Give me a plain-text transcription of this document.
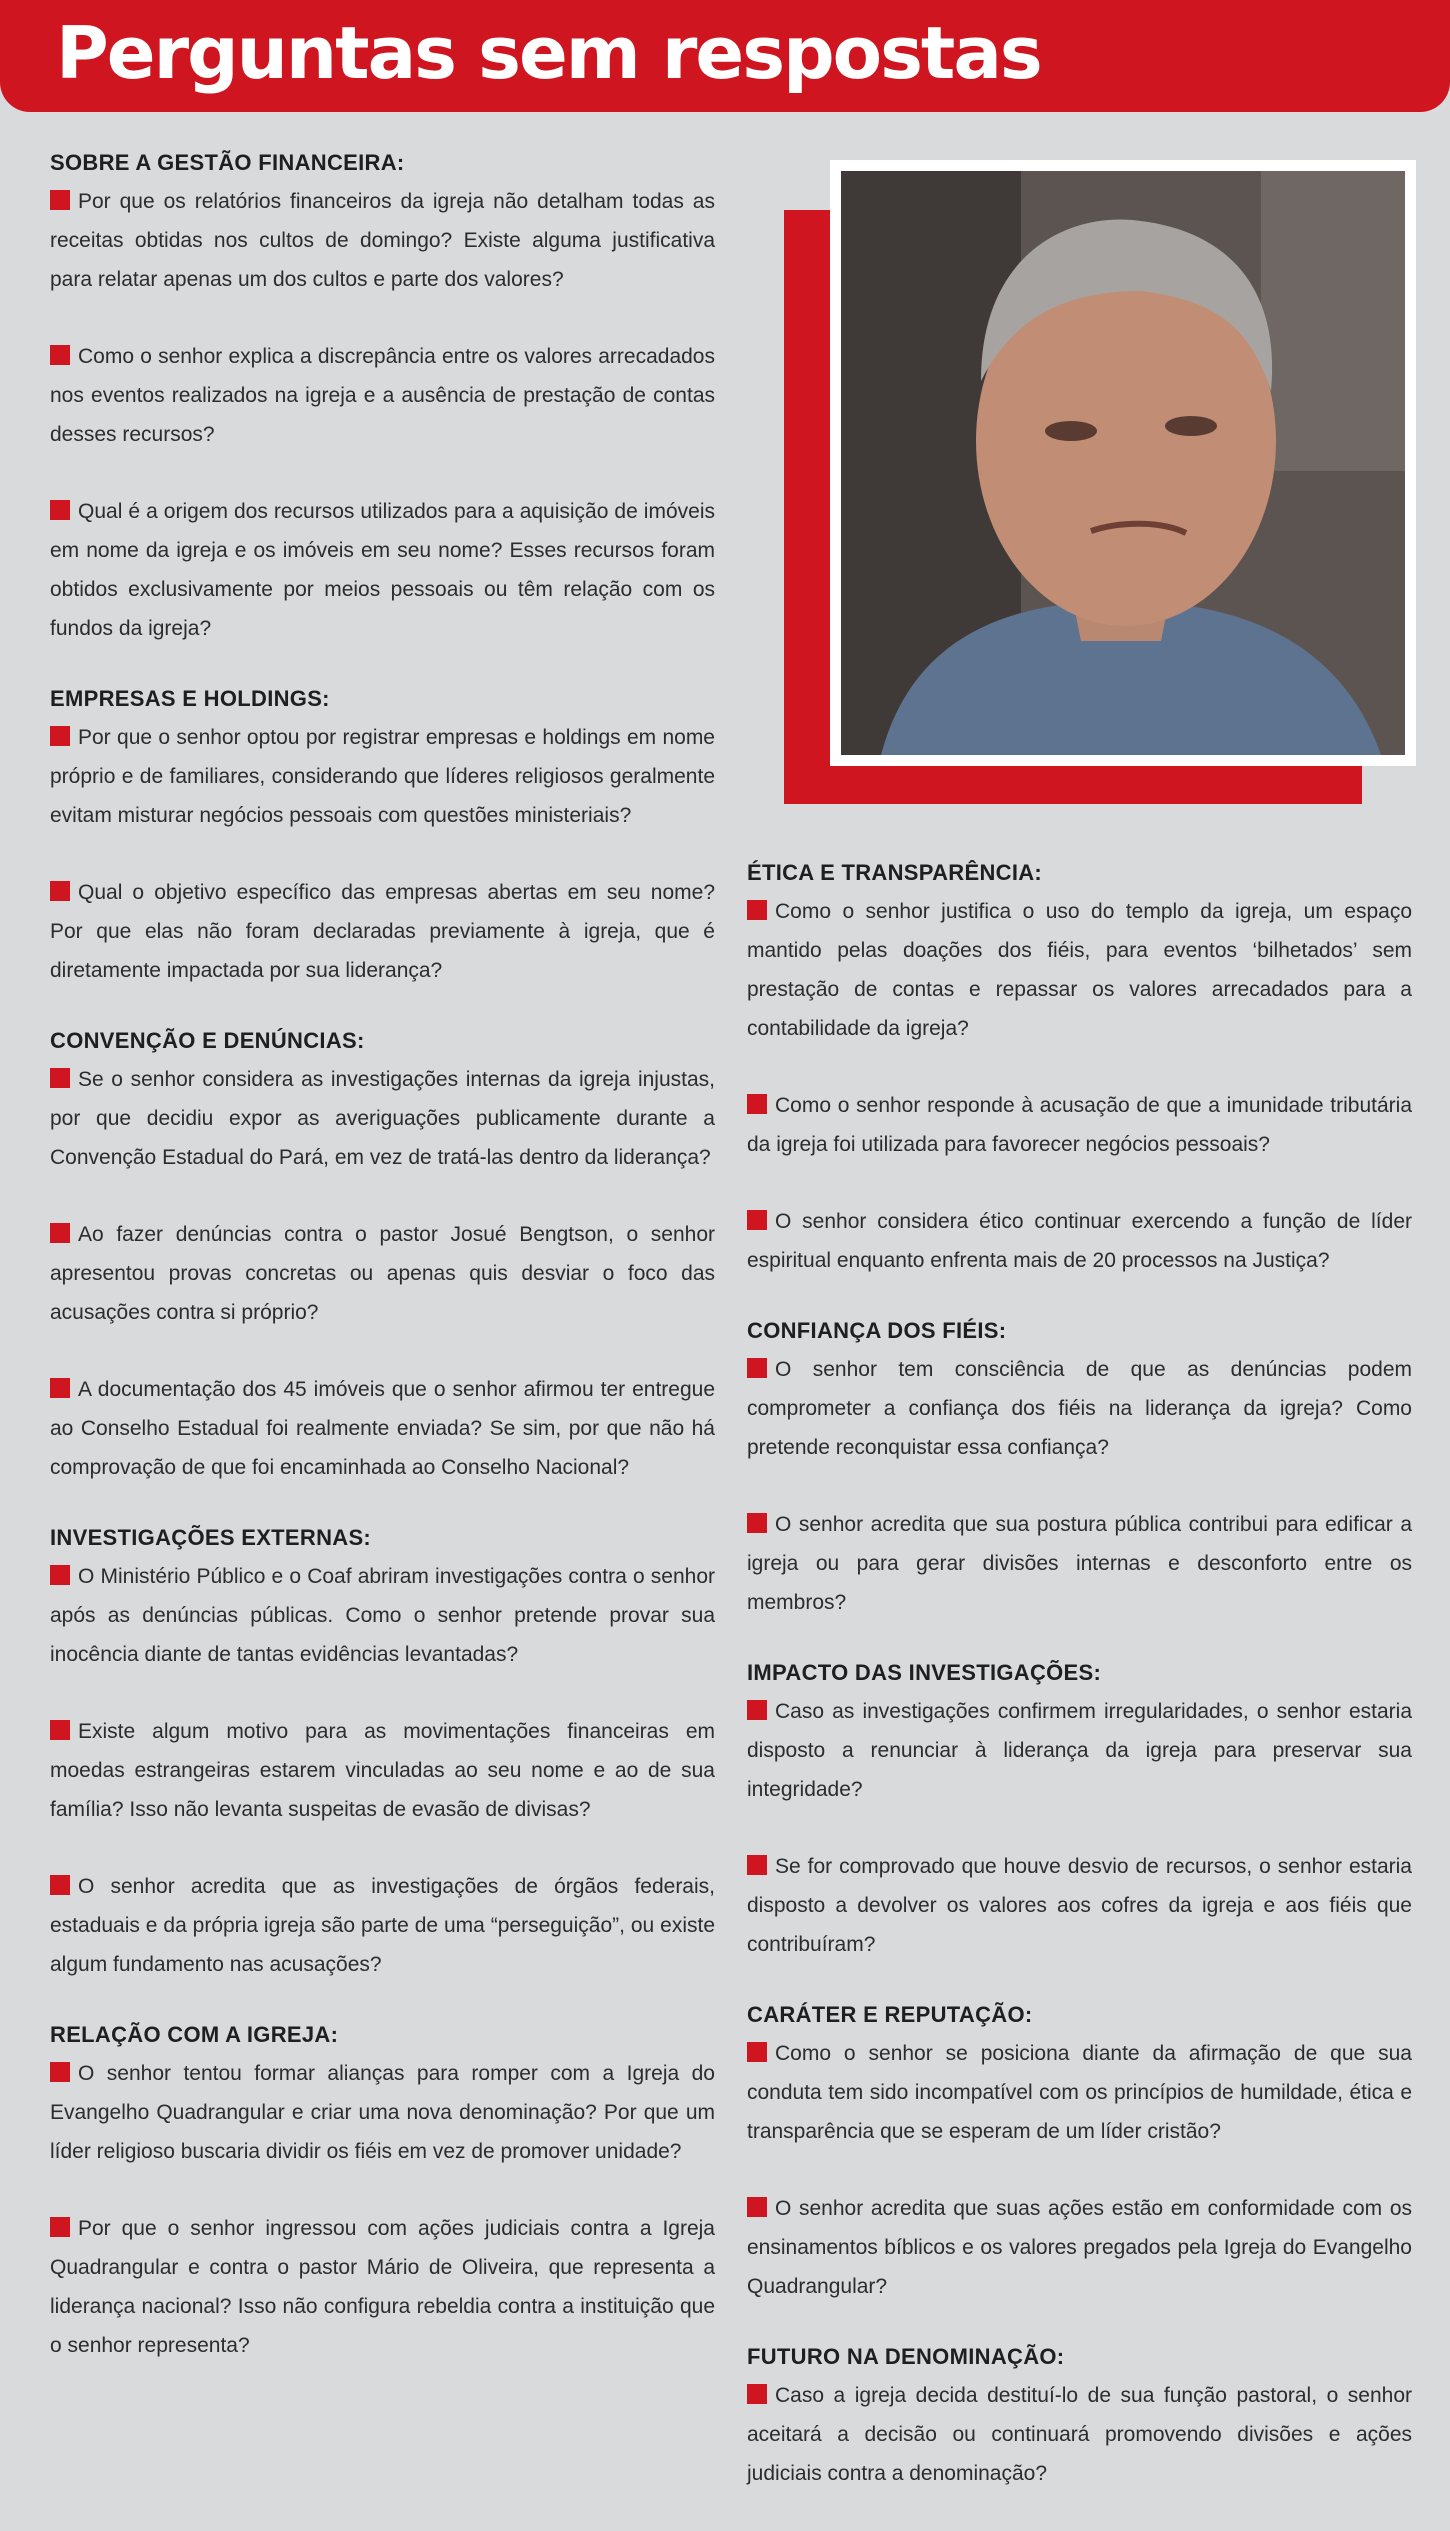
Perguntas sem respostas
SOBRE A GESTÃO FINANCEIRA:

Por que os relatórios financeiros da igreja não detalham todas as receitas obtidas nos cultos de domingo? Existe alguma justificativa para relatar apenas um dos cultos e parte dos valores?

Como o senhor explica a discrepância entre os valores arrecadados nos eventos realizados na igreja e a ausência de prestação de contas desses recursos?

Qual é a origem dos recursos utilizados para a aquisição de imóveis em nome da igreja e os imóveis em seu nome? Esses recursos foram obtidos exclusivamente por meios pessoais ou têm relação com os fundos da igreja?

EMPRESAS E HOLDINGS:

Por que o senhor optou por registrar empresas e holdings em nome próprio e de familiares, considerando que líderes religiosos geralmente evitam misturar negócios pessoais com questões ministeriais?

Qual o objetivo específico das empresas abertas em seu nome? Por que elas não foram declaradas previamente à igreja, que é diretamente impactada por sua liderança?

CONVENÇÃO E DENÚNCIAS:

Se o senhor considera as investigações internas da igreja injustas, por que decidiu expor as averiguações publicamente durante a Convenção Estadual do Pará, em vez de tratá-las dentro da liderança?

Ao fazer denúncias contra o pastor Josué Bengtson, o senhor apresentou provas concretas ou apenas quis desviar o foco das acusações contra si próprio?

A documentação dos 45 imóveis que o senhor afirmou ter entregue ao Conselho Estadual foi realmente enviada? Se sim, por que não há comprovação de que foi encaminhada ao Conselho Nacional?

INVESTIGAÇÕES EXTERNAS:

O Ministério Público e o Coaf abriram investigações contra o senhor após as denúncias públicas. Como o senhor pretende provar sua inocência diante de tantas evidências levantadas?

Existe algum motivo para as movimentações financeiras em moedas estrangeiras estarem vinculadas ao seu nome e ao de sua família? Isso não levanta suspeitas de evasão de divisas?

O senhor acredita que as investigações de órgãos federais, estaduais e da própria igreja são parte de uma “perseguição”, ou existe algum fundamento nas acusações?

RELAÇÃO COM A IGREJA:

O senhor tentou formar alianças para romper com a Igreja do Evangelho Quadrangular e criar uma nova denominação? Por que um líder religioso buscaria dividir os fiéis em vez de promover unidade?

Por que o senhor ingressou com ações judiciais contra a Igreja Quadrangular e contra o pastor Mário de Oliveira, que representa a liderança nacional? Isso não configura rebeldia contra a instituição que o senhor representa?

ÉTICA E TRANSPARÊNCIA:

Como o senhor justifica o uso do templo da igreja, um espaço mantido pelas doações dos fiéis, para eventos ‘bilhetados’ sem prestação de contas e repassar os valores arrecadados para a contabilidade da igreja?

Como o senhor responde à acusação de que a imunidade tributária da igreja foi utilizada para favorecer negócios pessoais?

O senhor considera ético continuar exercendo a função de líder espiritual enquanto enfrenta mais de 20 processos na Justiça?

CONFIANÇA DOS FIÉIS:

O senhor tem consciência de que as denúncias podem comprometer a confiança dos fiéis na liderança da igreja? Como pretende reconquistar essa confiança?

O senhor acredita que sua postura pública contribui para edificar a igreja ou para gerar divisões internas e desconforto entre os membros?

IMPACTO DAS INVESTIGAÇÕES:

Caso as investigações confirmem irregularidades, o senhor estaria disposto a renunciar à liderança da igreja para preservar sua integridade?

Se for comprovado que houve desvio de recursos, o senhor estaria disposto a devolver os valores aos cofres da igreja e aos fiéis que contribuíram?

CARÁTER E REPUTAÇÃO:

Como o senhor se posiciona diante da afirmação de que sua conduta tem sido incompatível com os princípios de humildade, ética e transparência que se esperam de um líder cristão?

O senhor acredita que suas ações estão em conformidade com os ensinamentos bíblicos e os valores pregados pela Igreja do Evangelho Quadrangular?

FUTURO NA DENOMINAÇÃO:

Caso a igreja decida destituí-lo de sua função pastoral, o senhor aceitará a decisão ou continuará promovendo divisões e ações judiciais contra a denominação?
